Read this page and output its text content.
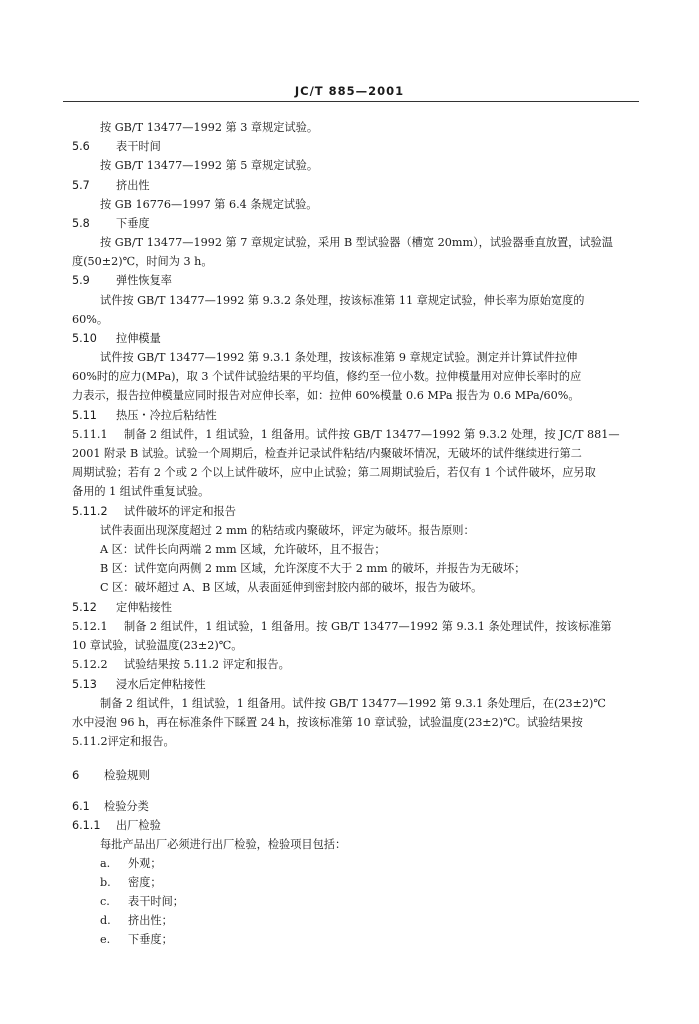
JC/T 885—2001
按 GB/T 13477—1992 第 3 章规定试验。
5.6 表干时间
按 GB/T 13477—1992 第 5 章规定试验。
5.7 挤出性
按 GB 16776—1997 第 6.4 条规定试验。
5.8 下垂度
按 GB/T 13477—1992 第 7 章规定试验，采用 B 型试验器（槽宽 20mm），试验器垂直放置，试验温
度(50±2)℃，时间为 3 h。
5.9 弹性恢复率
试件按 GB/T 13477—1992 第 9.3.2 条处理，按该标准第 11 章规定试验，伸长率为原始宽度的
60%。
5.10 拉伸模量
试件按 GB/T 13477—1992 第 9.3.1 条处理，按该标准第 9 章规定试验。测定并计算试件拉伸
60%时的应力(MPa)，取 3 个试件试验结果的平均值，修约至一位小数。拉伸模量用对应伸长率时的应
力表示，报告拉伸模量应同时报告对应伸长率，如：拉伸 60%模量 0.6 MPa 报告为 0.6 MPa/60%。
5.11 热压・冷拉后粘结性
5.11.1 制备 2 组试件，1 组试验，1 组备用。试件按 GB/T 13477—1992 第 9.3.2 处理，按 JC/T 881—
2001 附录 B 试验。试验一个周期后，检查并记录试件粘结/内聚破坏情况，无破坏的试件继续进行第二
周期试验；若有 2 个或 2 个以上试件破坏，应中止试验；第二周期试验后，若仅有 1 个试件破坏，应另取
备用的 1 组试件重复试验。
5.11.2 试件破坏的评定和报告
试件表面出现深度超过 2 mm 的粘结或内聚破坏，评定为破坏。报告原则：
A 区：试件长向两端 2 mm 区域，允许破坏，且不报告；
B 区：试件宽向两侧 2 mm 区域，允许深度不大于 2 mm 的破坏，并报告为无破坏；
C 区：破坏超过 A、B 区域，从表面延伸到密封胶内部的破坏，报告为破坏。
5.12 定伸粘接性
5.12.1 制备 2 组试件，1 组试验，1 组备用。按 GB/T 13477—1992 第 9.3.1 条处理试件，按该标准第
10 章试验，试验温度(23±2)℃。
5.12.2 试验结果按 5.11.2 评定和报告。
5.13 浸水后定伸粘接性
制备 2 组试件，1 组试验，1 组备用。试件按 GB/T 13477—1992 第 9.3.1 条处理后，在(23±2)℃
水中浸泡 96 h，再在标准条件下睬置 24 h，按该标准第 10 章试验，试验温度(23±2)℃。试验结果按
5.11.2评定和报告。
6 检验规则
6.1 检验分类
6.1.1 出厂检验
每批产品出厂必须进行出厂检验，检验项目包括：
a. 外观；
b. 密度；
c. 表干时间；
d. 挤出性；
e. 下垂度；
